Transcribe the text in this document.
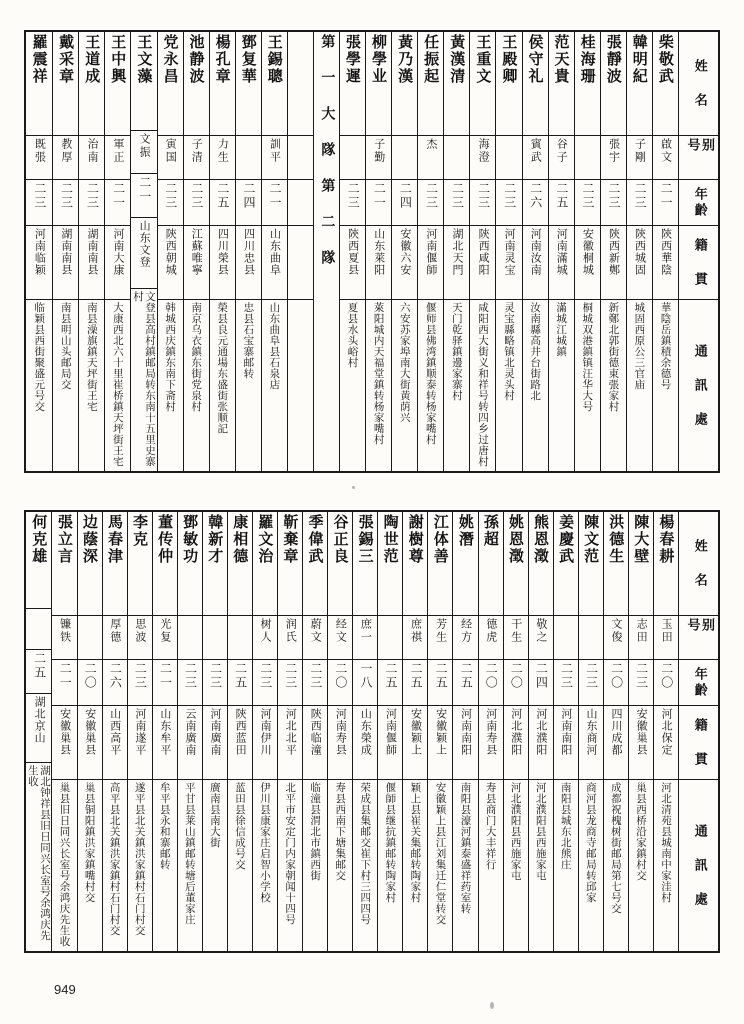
姓 名
别 号
年齡
籍 貫
通 訊 處
柴敬武
啟文
二一
陝西華陰
華陰岳鎮積余德号
韓明紀
子剛
二三
陝西城固
城固西原公三官庙
張靜波
張宇
二三
陝西新鄭
新鄭北郭街德東張家村
桂海珊
二三
安徽桐城
桐城双港鎮镇汪华大号
范天貴
谷子
二五
河南滿城
滿城江城鎮
侯守礼
賓武
二六
河南汝南
汝南縣高井台街路北
王殿卿
二三
河南灵宝
灵宝縣略镇北灵头村
王重文
海澄
二三
陝西咸阳
咸阳西大街义和祥号转四乡过唐村
黃漢清
二三
湖北天門
天门乾驿鎮邊家寨村
任振起
杰
二三
河南偃師
偃师县佛湾鎮顺泰转杨家嘴村
黃乃漢
二四
安徽六安
六安苏家埠南大街黄荫兴
柳學业
子勤
二一
山东萊阳
萊阳城内天福堂鎮转杨家嘴村
張學遲
二三
陝西夏县
夏县水头峪村
第 一 大 隊 第 二 隊
王錫聰
訓平
二一
山东曲阜
山东曲阜县石泉店
鄧复華
二四
四川忠县
忠县石宝寨邮转
楊孔章
力生
二五
四川榮县
榮县良元通場东盛街张顺記
池静波
子清
二三
江蘇唯寧
南京乌衣鎮东街党泉村
党永昌
寅国
二三
陝西朝城
韩城西庆鎮东南下斋村
王文藻
文振
二一
山东文登
文登县高村鎮邮局转东南十五里史寨村
王中興
軍正
二一
河南大康
大康西北六十里崔桥鎮天坪街王宅
王道成
治南
二三
湖南南县
南县澡旗鎮天坪街王宅
戴采章
教厚
二三
湖南南县
南县明山头邮局交
羅震祥
既張
二三
河南临颖
临颖县西街聚盛元号交
姓 名
别 号
年齡
籍 貫
通 訊 處
楊春耕
玉田
二〇
河北保定
河北清苑县城南中家洼村
陳大壁
志田
二三
安徽巢县
巢县西桥沿家鎮村交
洪德生
文俊
二〇
四川成都
成都祝槐树街邮局第七号交
陳文范
二三
山东商河
商河县龙商寺邮局转邱家
姜慶武
二三
河南南阳
南阳县城东北熊庄
熊恩澂
敬之
二四
河北濮阳
河北濮阳县西施家屯
姚恩澂
干生
二〇
河北濮阳
河北濮阳县西施家屯
孫超
德虎
二〇
河南寿县
寿县商门大丰祥行
姚潛
经方
二五
河南南阳
南阳县濠河鎮泰盛祥药室转
江体善
芳生
二五
安徽颖上
安徽颖上县江刘集迁仁堂转交
謝樹尊
庶祺
二五
安徽颖上
颖上县崔关集邮转陶家村
陶世范
二五
河南偃師
偃師县继抗鎮邮转陶家村
張錫三
庶一
一八
山东榮成
荣成县集邮交崔下村三四四号
谷正良
经文
二〇
河南寿县
寿县西南下塘集邮交
季偉武
蔚文
二三
陝西临潼
临潼县渭北市鎮西街
靳棄章
润氏
二三
河北北平
北平市安定门内家朝闻十四号
羅文治
树人
二三
河南伊川
伊川县康家庄启智小学校
康相德
二五
陝西蓝田
蓝田县徐信成号交
韓新才
二三
河南廣南
廣南县南大街
鄧敏功
二三
云南廣南
平甘县莱山鎮邮转塘后董家庄
董传仲
光复
二一
山东牟平
牟平县永和寨邮转
李克
思波
二三
河南遂平
遂平县北关鎮洪家鎮村石门村交
馬春津
厚德
二六
山西高平
高平县北关鎮洪家鎮村石门村交
边蔭深
二〇
安徽巢县
巢县铜阳鎮洪家鎮嘴村交
張立言
镰铁
二一
安徽巢县
巢县旧日同兴长室号余鸿庆先生收
何克雄
二五
湖北京山
湖北钟祥县旧日同兴长室号余鸿庆先生收
949
